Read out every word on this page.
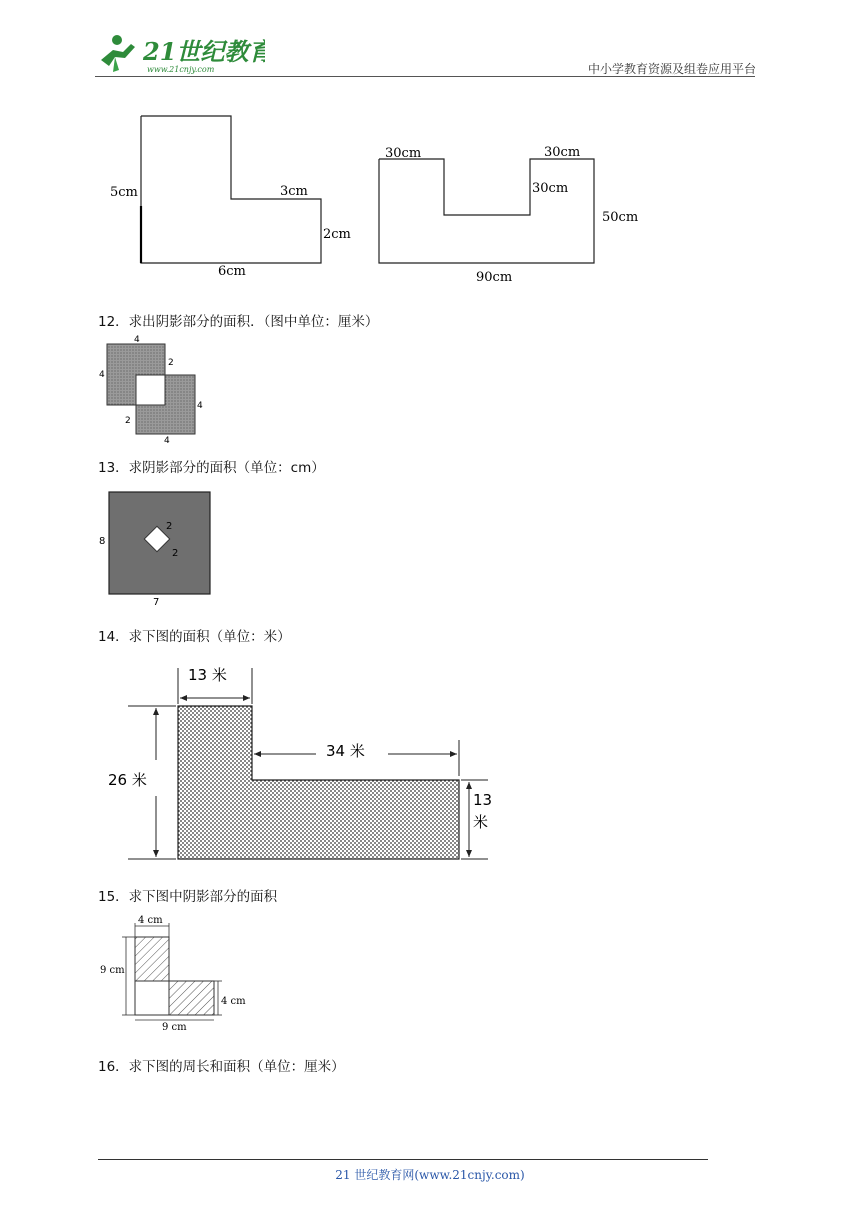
21世纪教育
www.21cnjy.com	中小学教育资源及组卷应用平台
5cm	3cm
2cm
6cm
30cm	30cm
30cm
50cm
90cm
12．求出阴影部分的面积．（图中单位：厘米）
4
2
4
4
2
4
13．求阴影部分的面积（单位：cm）
8
7
2
2
14．求下图的面积（单位：米）
13 米
34 米
26 米
13
米
15．求下图中阴影部分的面积
4 cm
9 cm
4 cm
9 cm
16．求下图的周长和面积（单位：厘米）
21 世纪教育网(www.21cnjy.com)
